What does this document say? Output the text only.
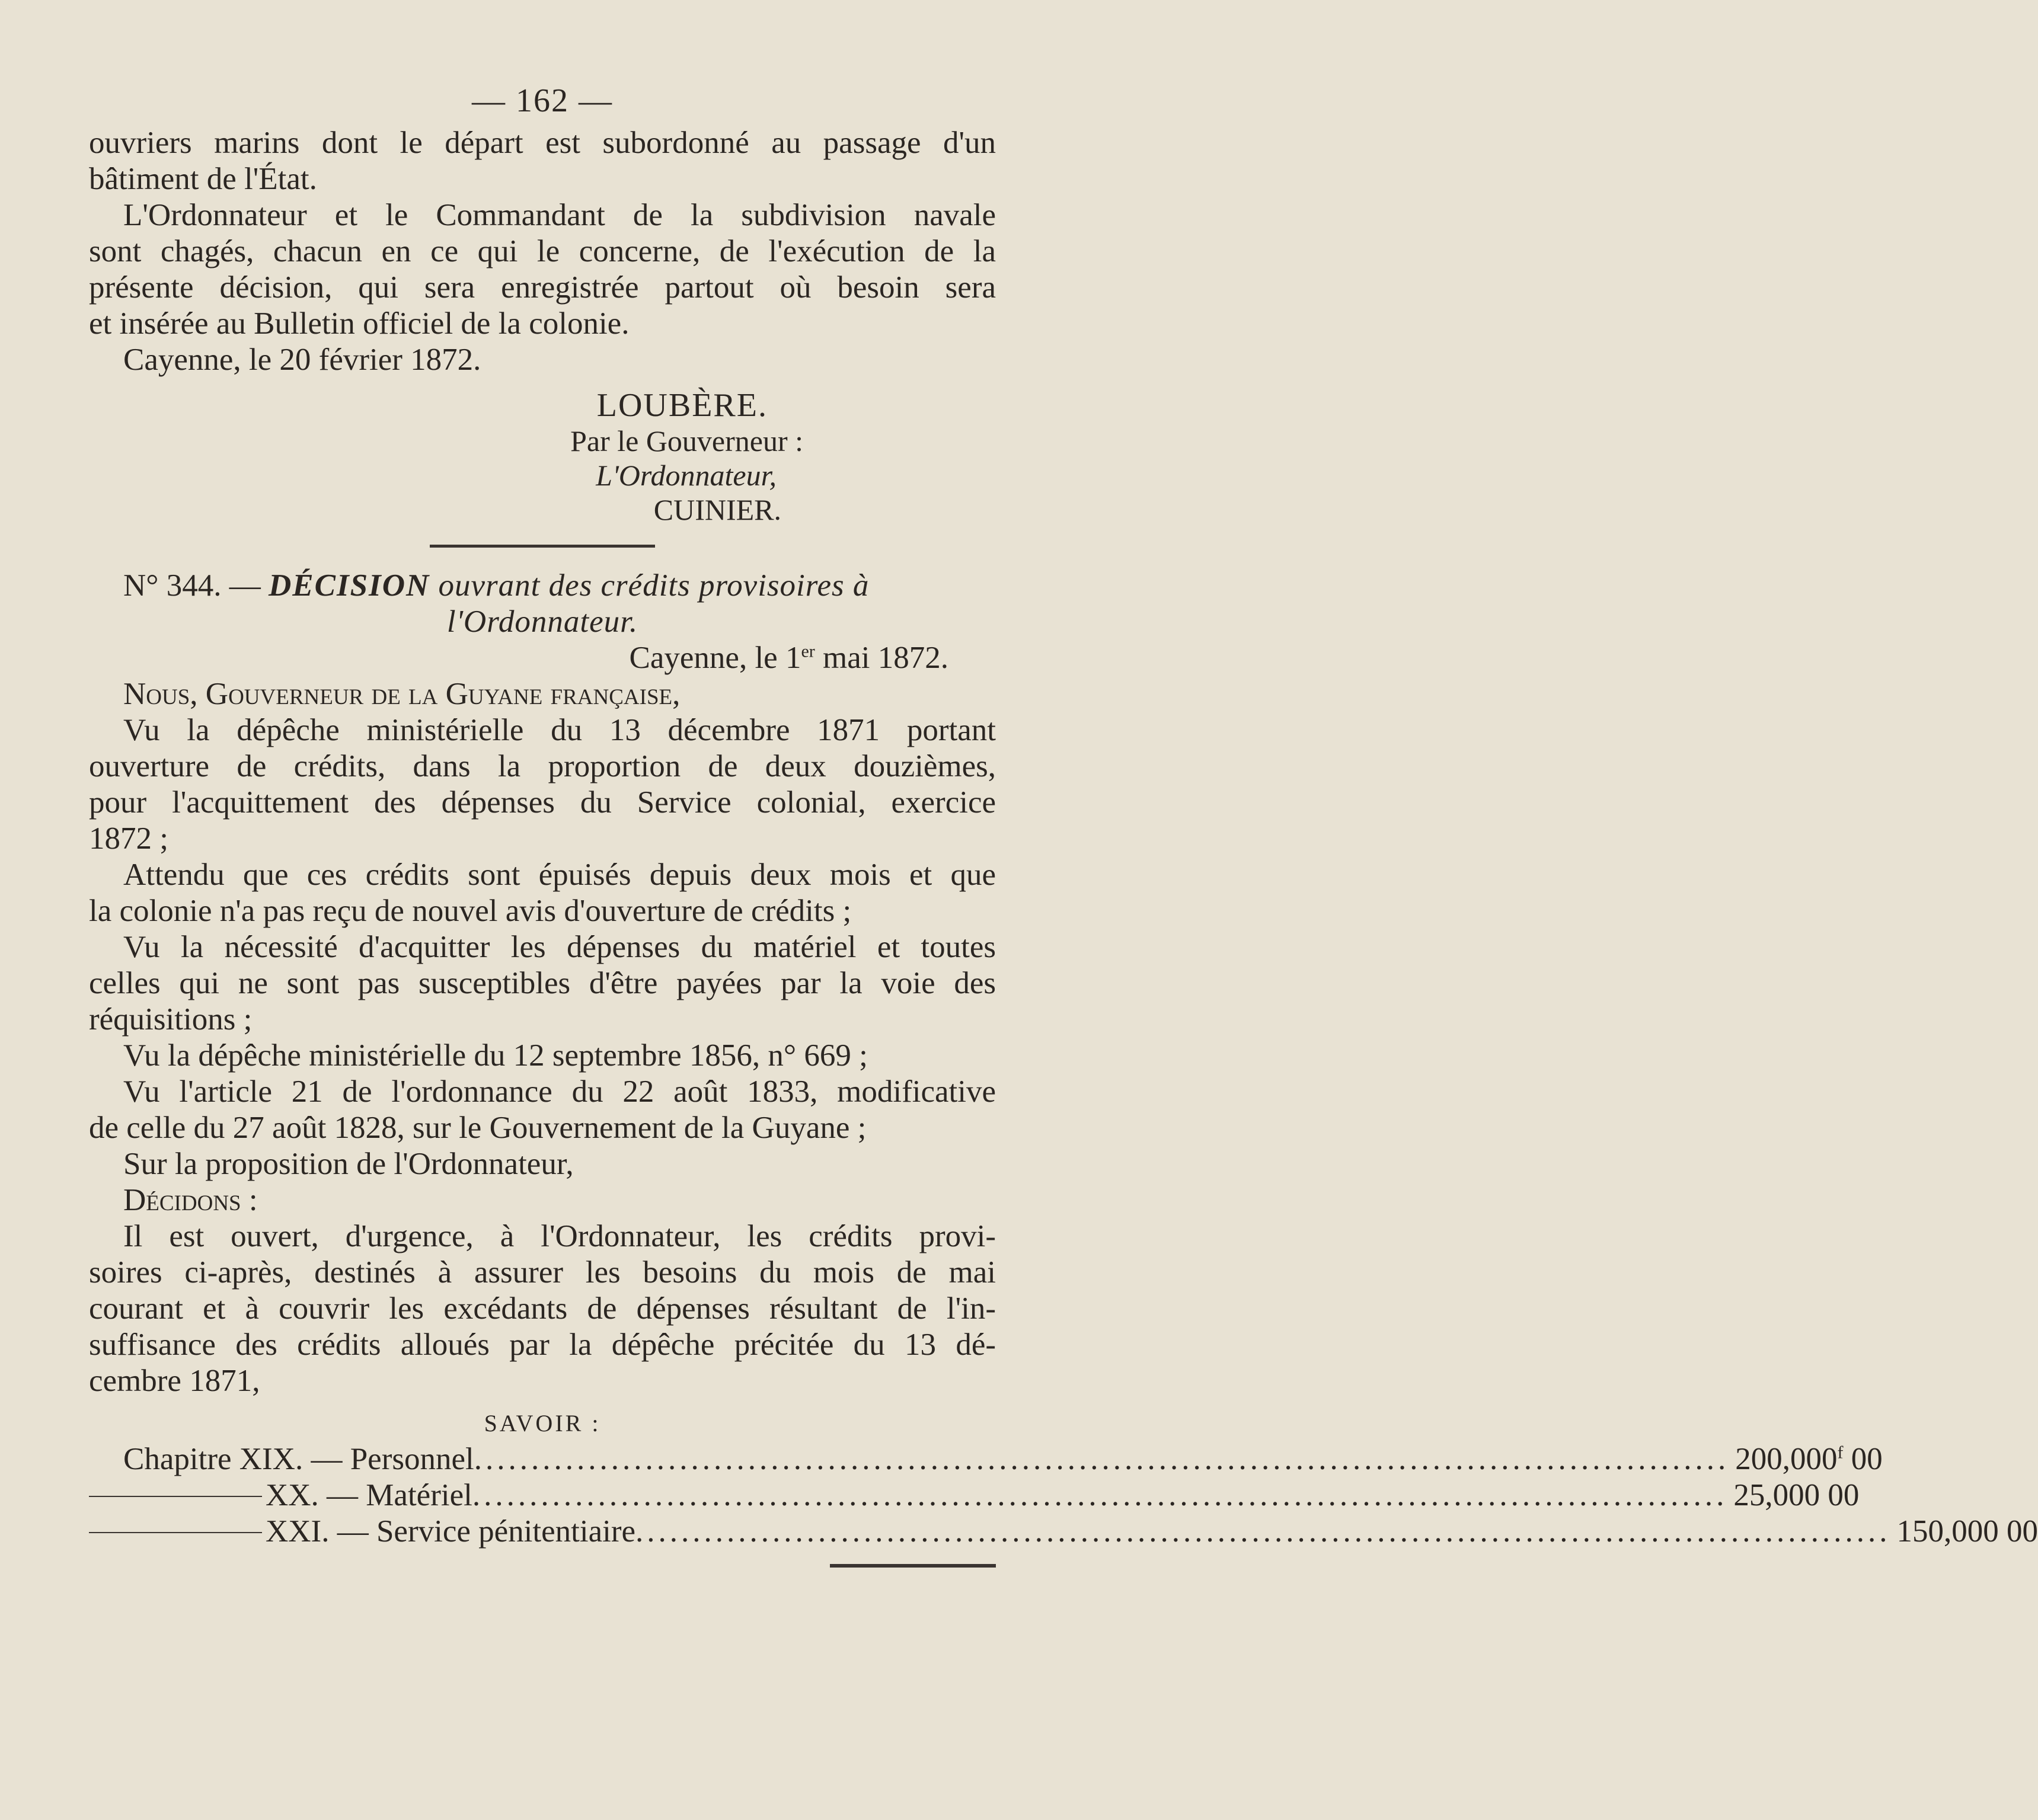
— 162 —
ouvriers marins dont le départ est subordonné au passage d'un
bâtiment de l'État.
L'Ordonnateur et le Commandant de la subdivision navale
sont chagés, chacun en ce qui le concerne, de l'exécution de la
présente décision, qui sera enregistrée partout où besoin sera
et insérée au Bulletin officiel de la colonie.
Cayenne, le 20 février 1872.
LOUBÈRE.
Par le Gouverneur :
L'Ordonnateur,
CUINIER.
N° 344. — DÉCISION ouvrant des crédits provisoires à
l'Ordonnateur.
Cayenne, le 1er mai 1872.
Nous, Gouverneur de la Guyane française,
Vu la dépêche ministérielle du 13 décembre 1871 portant
ouverture de crédits, dans la proportion de deux douzièmes,
pour l'acquittement des dépenses du Service colonial, exercice
1872 ;
Attendu que ces crédits sont épuisés depuis deux mois et que
la colonie n'a pas reçu de nouvel avis d'ouverture de crédits ;
Vu la nécessité d'acquitter les dépenses du matériel et toutes
celles qui ne sont pas susceptibles d'être payées par la voie des
réquisitions ;
Vu la dépêche ministérielle du 12 septembre 1856, n° 669 ;
Vu l'article 21 de l'ordonnance du 22 août 1833, modificative
de celle du 27 août 1828, sur le Gouvernement de la Guyane ;
Sur la proposition de l'Ordonnateur,
Décidons :
Il est ouvert, d'urgence, à l'Ordonnateur, les crédits provi-
soires ci-après, destinés à assurer les besoins du mois de mai
courant et à couvrir les excédants de dépenses résultant de l'in-
suffisance des crédits alloués par la dépêche précitée du 13 dé-
cembre 1871,
SAVOIR :
Chapitre XIX. — Personnel .............................................................................................................. 200,000$^f$ 00
XX. — Matériel .............................................................................................................. 25,000 00
XXI. — Service pénitentiaire .............................................................................................................. 150,000 00
